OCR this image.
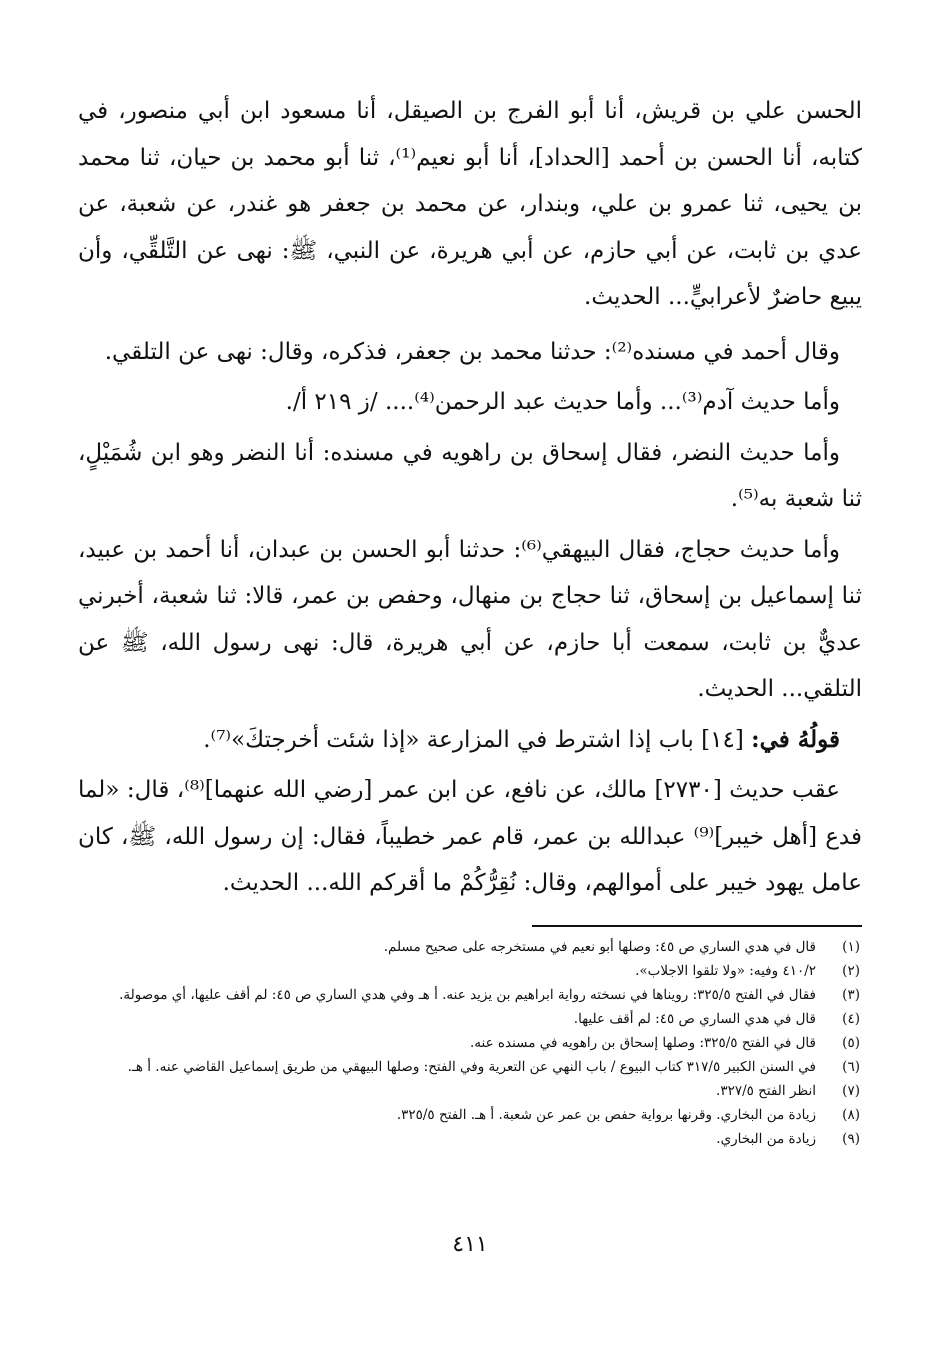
الحسن علي بن قريش، أنا أبو الفرج بن الصيقل، أنا مسعود ابن أبي منصور، في كتابه، أنا الحسن بن أحمد [الحداد]، أنا أبو نعيم⁽¹⁾، ثنا أبو محمد بن حيان، ثنا محمد بن يحيى، ثنا عمرو بن علي، وبندار، عن محمد بن جعفر هو غندر، عن شعبة، عن عدي بن ثابت، عن أبي حازم، عن أبي هريرة، عن النبي، ﷺ: نهى عن التَّلقِّي، وأن يبيع حاضرٌ لأعرابيٍّ... الحديث.

وقال أحمد في مسنده⁽²⁾: حدثنا محمد بن جعفر، فذكره، وقال: نهى عن التلقي.

وأما حديث آدم⁽³⁾... وأما حديث عبد الرحمن⁽⁴⁾.... /ز ٢١٩ أ/.

وأما حديث النضر، فقال إسحاق بن راهويه في مسنده: أنا النضر وهو ابن شُمَيْلٍ، ثنا شعبة به⁽⁵⁾.

وأما حديث حجاج، فقال البيهقي⁽⁶⁾: حدثنا أبو الحسن بن عبدان، أنا أحمد بن عبيد، ثنا إسماعيل بن إسحاق، ثنا حجاج بن منهال، وحفص بن عمر، قالا: ثنا شعبة، أخبرني عديٌّ بن ثابت، سمعت أبا حازم، عن أبي هريرة، قال: نهى رسول الله، ﷺ عن التلقي... الحديث.

قولُهُ في: [١٤] باب إذا اشترط في المزارعة «إذا شئت أخرجتكَ»⁽⁷⁾.

عقب حديث [٢٧٣٠] مالك، عن نافع، عن ابن عمر [رضي الله عنهما]⁽⁸⁾، قال: «لما فدع [أهل خيبر]⁽⁹⁾ عبدالله بن عمر، قام عمر خطيباً، فقال: إن رسول الله، ﷺ، كان عامل يهود خيبر على أموالهم، وقال: نُقِرُّكُمْ ما أقركم الله... الحديث.

(١)
قال في هدي الساري ص ٤٥: وصلها أبو نعيم في مستخرجه على صحيح مسلم.
(٢)
٤١٠/٢ وفيه: «ولا تلقوا الاجلاب».
(٣)
فقال في الفتح ٣٢٥/٥: رويناها في نسخته رواية ابراهيم بن يزيد عنه. أ هـ وفي هدي الساري ص ٤٥: لم أقف عليها، أي موصولة.
(٤)
قال في هدي الساري ص ٤٥: لم أقف عليها.
(٥)
قال في الفتح ٣٢٥/٥: وصلها إسحاق بن راهويه في مسنده عنه.
(٦)
في السنن الكبير ٣١٧/٥ كتاب البيوع / باب النهي عن التعرية وفي الفتح: وصلها البيهقي من طريق إسماعيل القاضي عنه. أ هـ.
(٧)
انظر الفتح ٣٢٧/٥.
(٨)
زيادة من البخاري. وقرنها برواية حفص بن عمر عن شعبة. أ هـ. الفتح ٣٢٥/٥.
(٩)
زيادة من البخاري.
٤١١
